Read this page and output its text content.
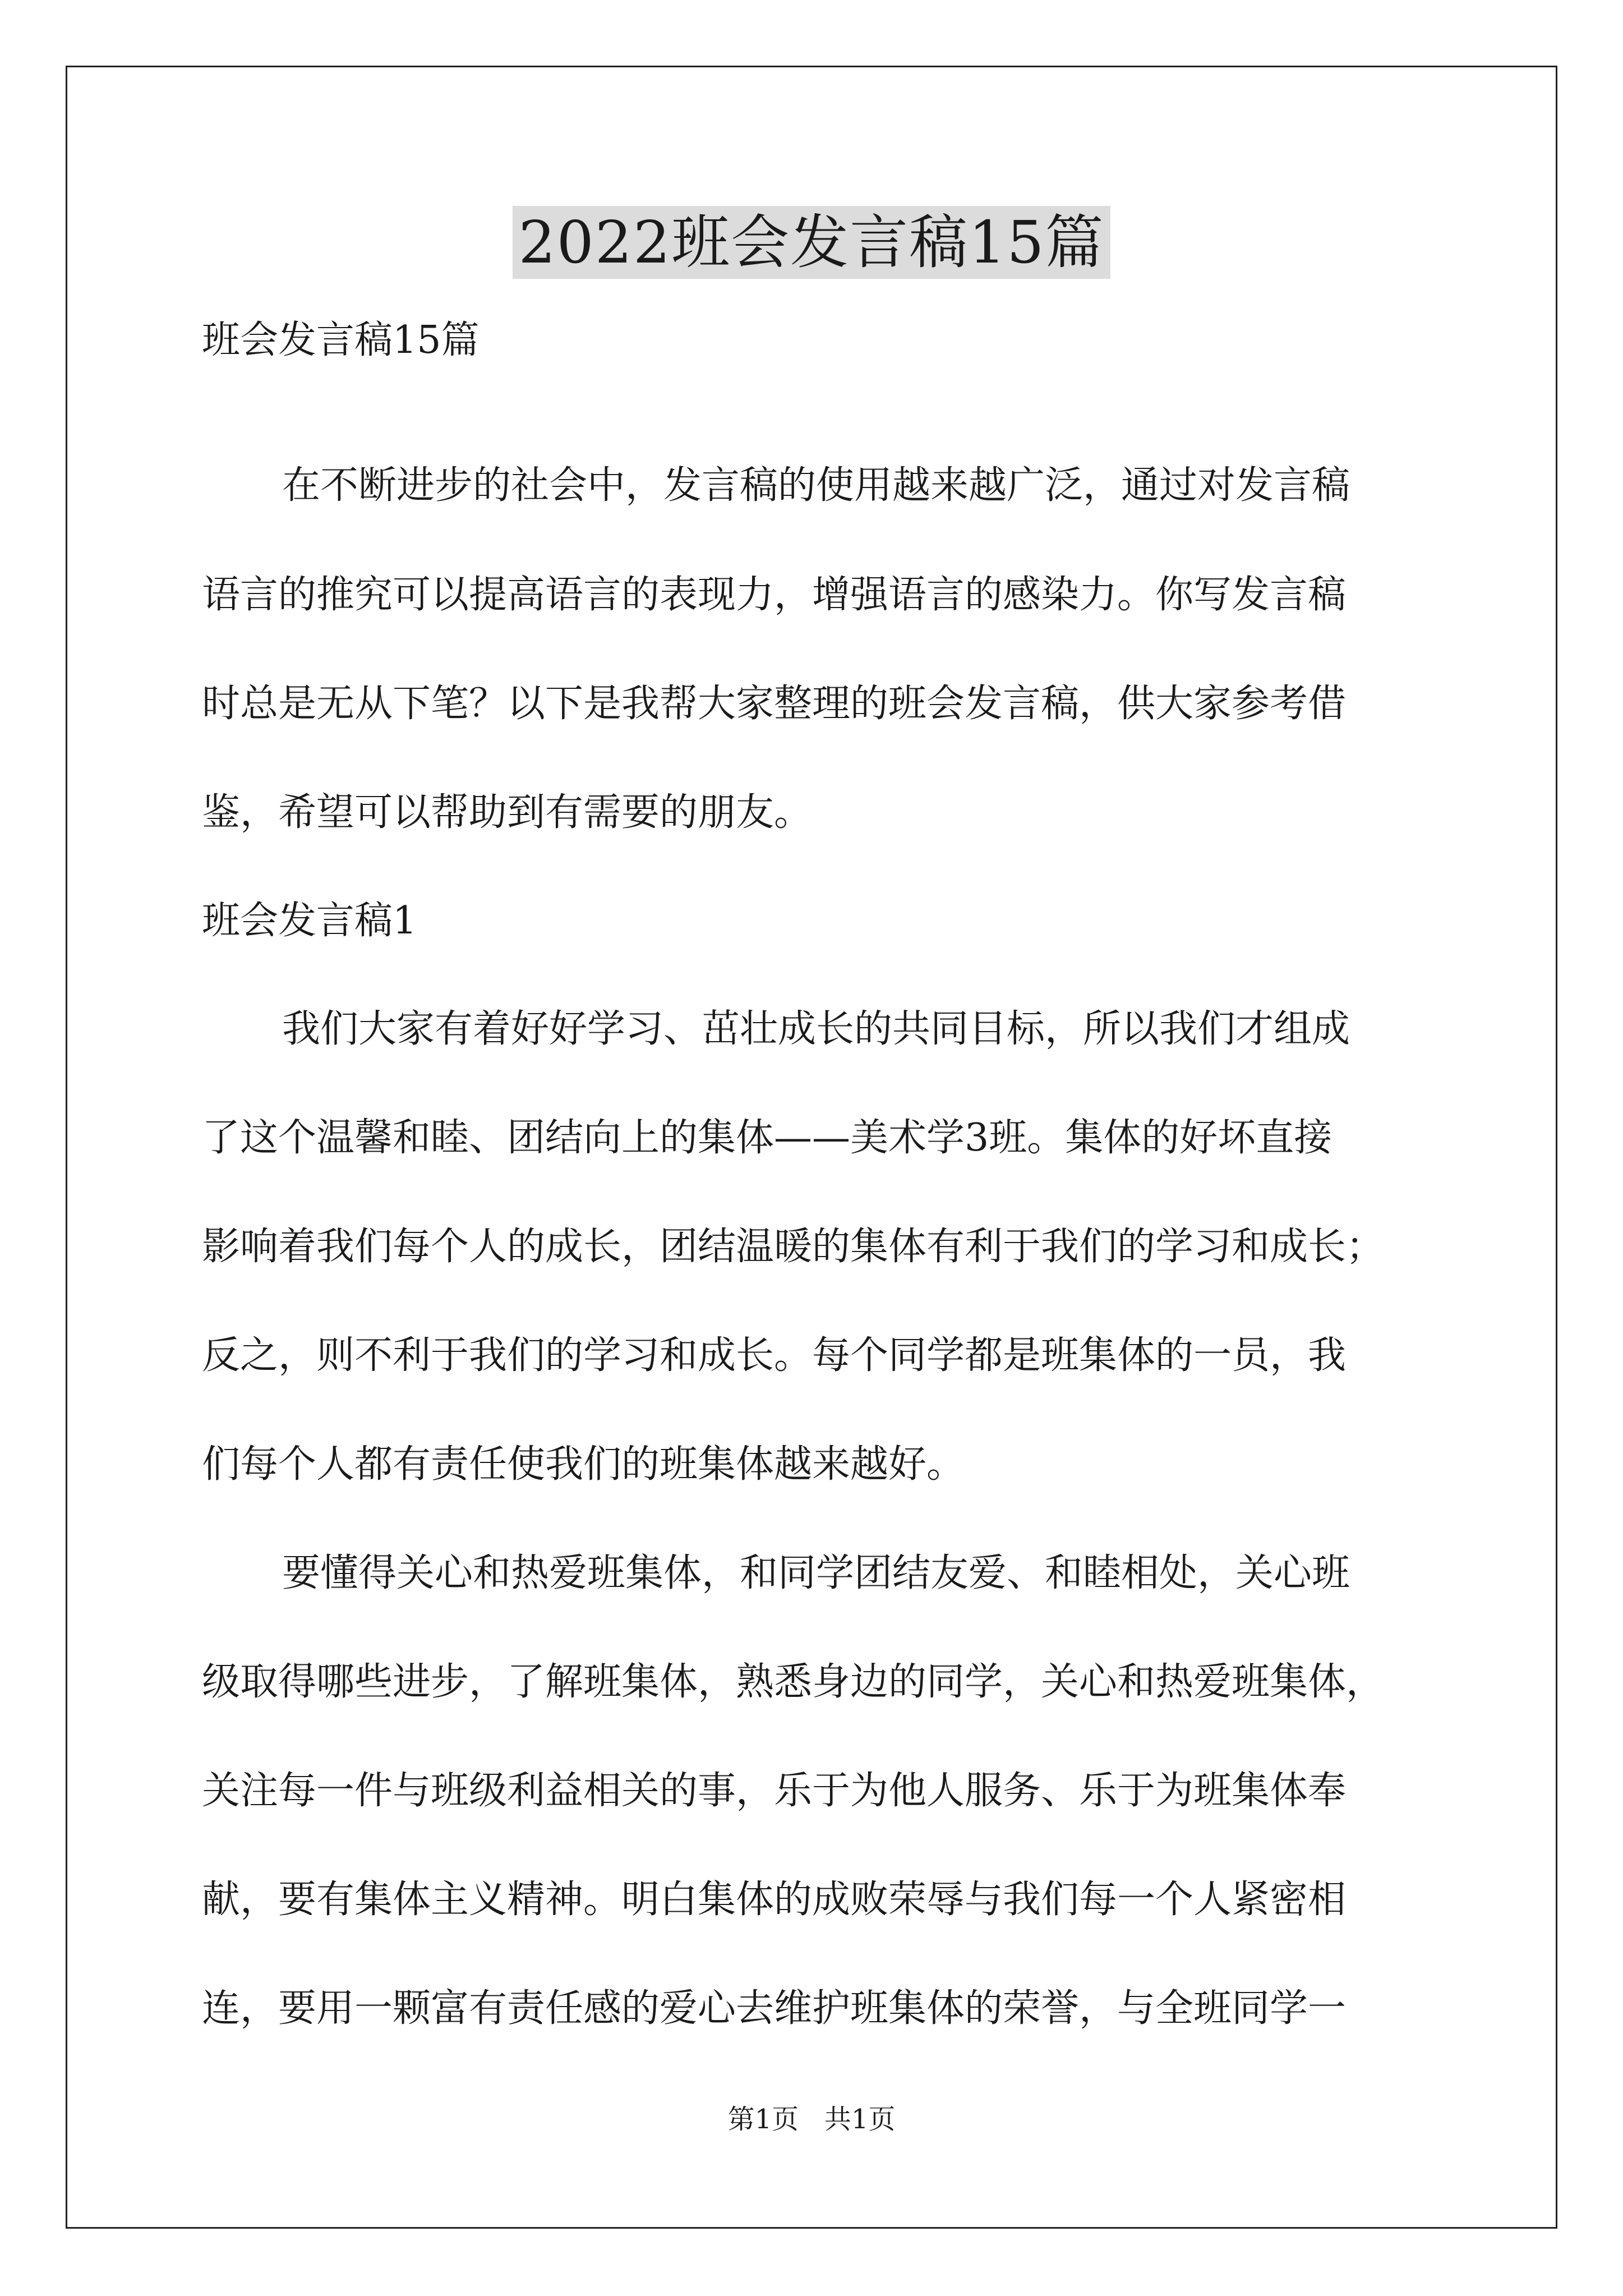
2022班会发言稿15篇
班会发言稿15篇
在不断进步的社会中，发言稿的使用越来越广泛，通过对发言稿
语言的推究可以提高语言的表现力，增强语言的感染力。你写发言稿
时总是无从下笔？以下是我帮大家整理的班会发言稿，供大家参考借
鉴，希望可以帮助到有需要的朋友。
班会发言稿1
我们大家有着好好学习、茁壮成长的共同目标，所以我们才组成
了这个温馨和睦、团结向上的集体——美术学3班。集体的好坏直接
影响着我们每个人的成长，团结温暖的集体有利于我们的学习和成长；
反之，则不利于我们的学习和成长。每个同学都是班集体的一员，我
们每个人都有责任使我们的班集体越来越好。
要懂得关心和热爱班集体，和同学团结友爱、和睦相处，关心班
级取得哪些进步，了解班集体，熟悉身边的同学，关心和热爱班集体，
关注每一件与班级利益相关的事，乐于为他人服务、乐于为班集体奉
献，要有集体主义精神。明白集体的成败荣辱与我们每一个人紧密相
连，要用一颗富有责任感的爱心去维护班集体的荣誉，与全班同学一
第1页   共1页
